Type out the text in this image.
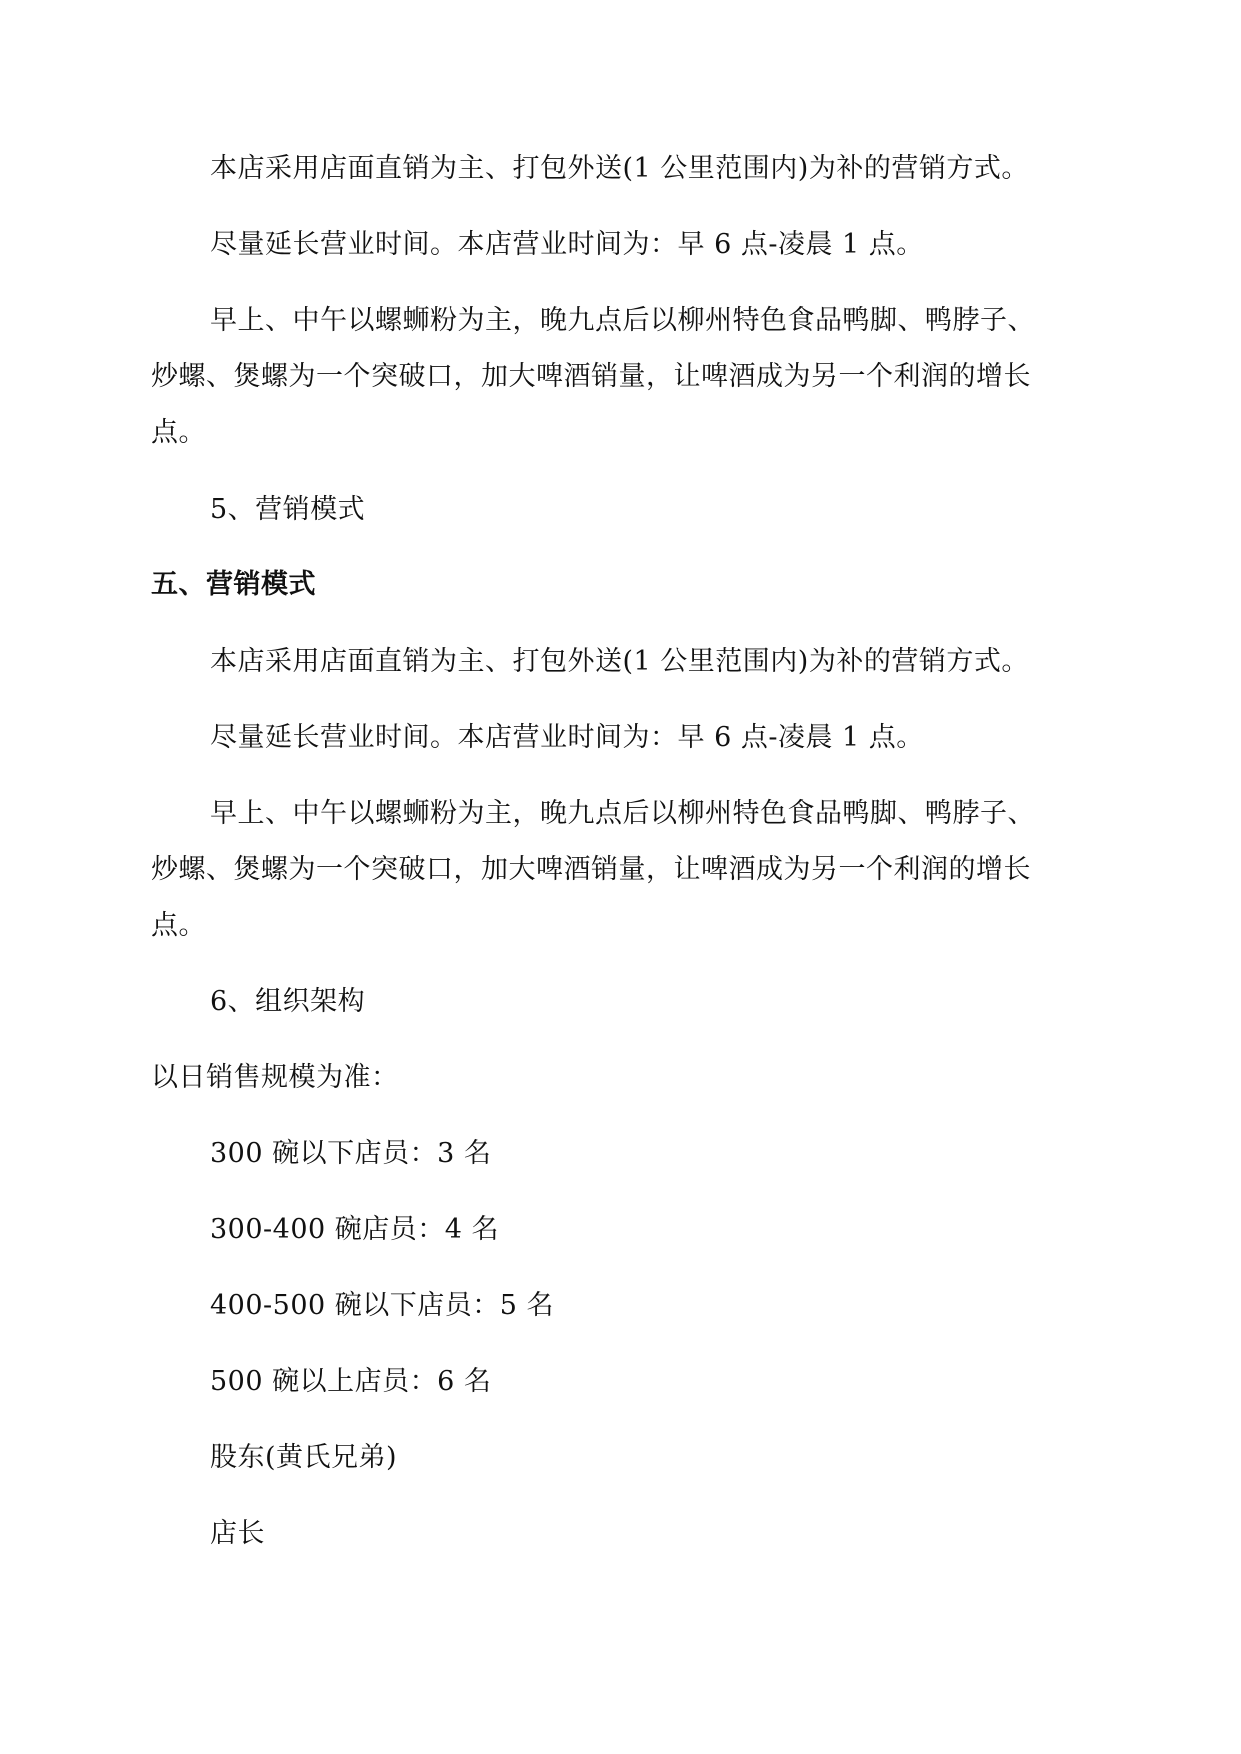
本店采用店面直销为主、打包外送(1 公里范围内)为补的营销方式。
尽量延长营业时间。本店营业时间为：早 6 点-凌晨 1 点。
早上、中午以螺蛳粉为主，晚九点后以柳州特色食品鸭脚、鸭脖子、
炒螺、煲螺为一个突破口，加大啤酒销量，让啤酒成为另一个利润的增长
点。
5、营销模式
五、营销模式
本店采用店面直销为主、打包外送(1 公里范围内)为补的营销方式。
尽量延长营业时间。本店营业时间为：早 6 点-凌晨 1 点。
早上、中午以螺蛳粉为主，晚九点后以柳州特色食品鸭脚、鸭脖子、
炒螺、煲螺为一个突破口，加大啤酒销量，让啤酒成为另一个利润的增长
点。
6、组织架构
以日销售规模为准：
300 碗以下店员：3 名
300-400 碗店员：4 名
400-500 碗以下店员：5 名
500 碗以上店员：6 名
股东(黄氏兄弟)
店长
